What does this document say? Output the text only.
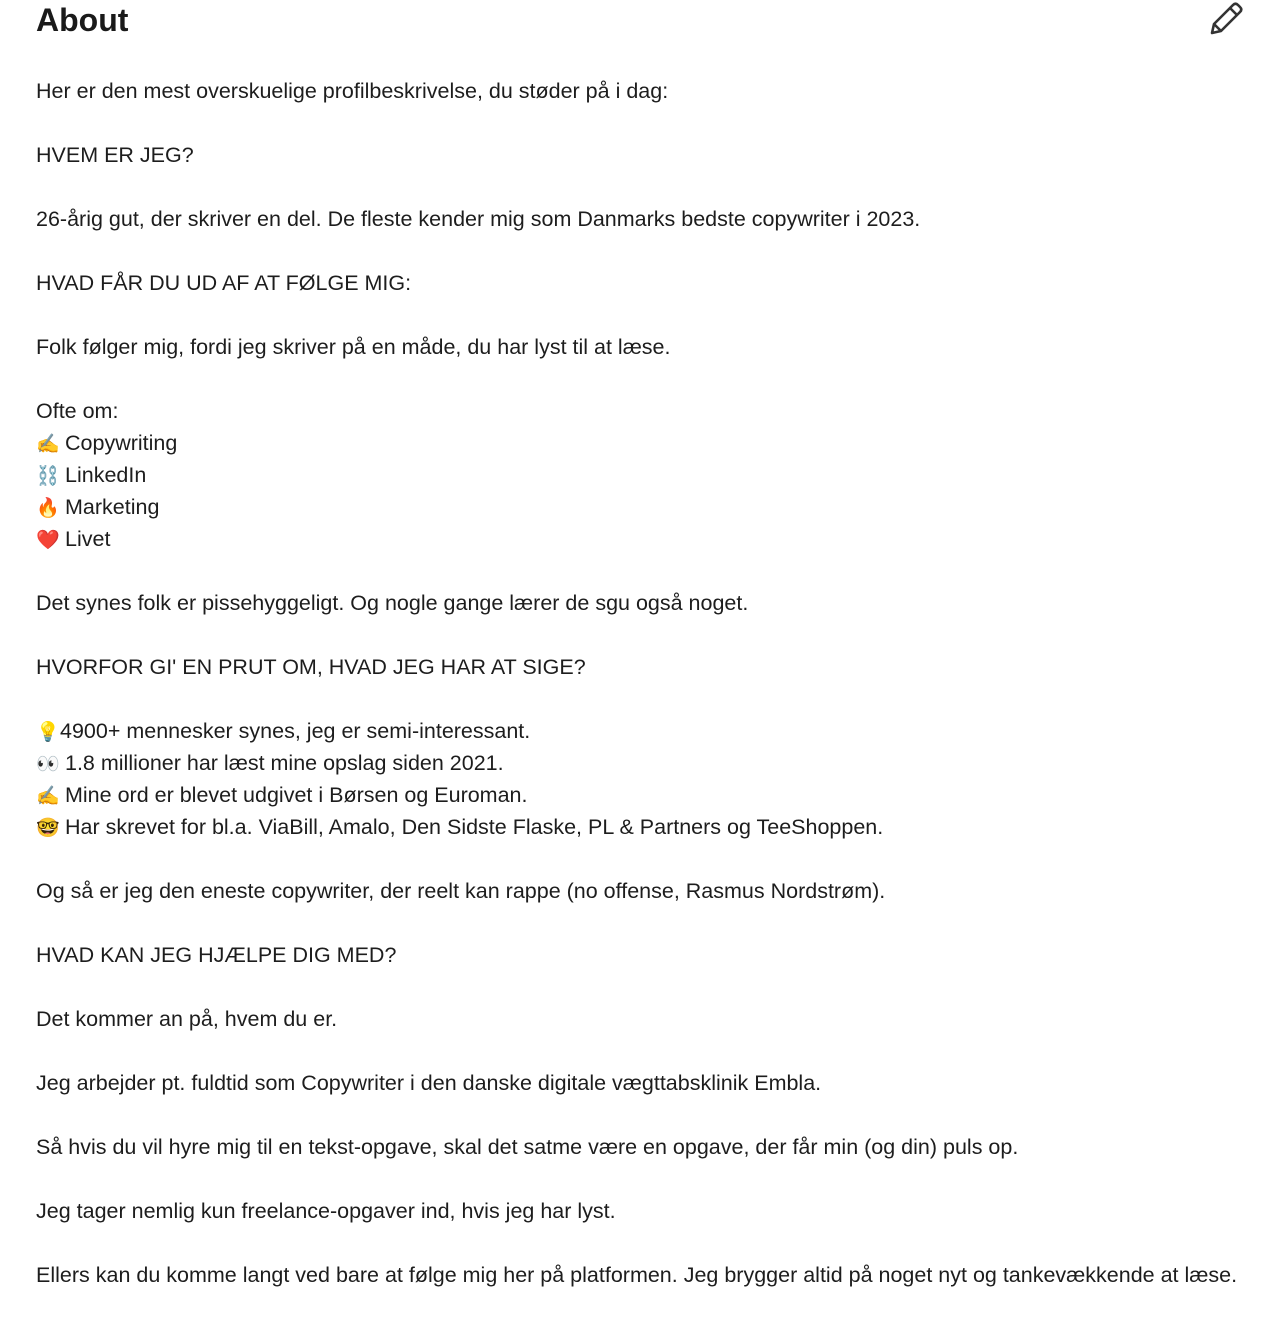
About
Her er den mest overskuelige profilbeskrivelse, du støder på i dag:
HVEM ER JEG?
26-årig gut, der skriver en del. De fleste kender mig som Danmarks bedste copywriter i 2023.
HVAD FÅR DU UD AF AT FØLGE MIG:
Folk følger mig, fordi jeg skriver på en måde, du har lyst til at læse.
Ofte om:
✍️ Copywriting
⛓️ LinkedIn
🔥 Marketing
❤️ Livet
Det synes folk er pissehyggeligt. Og nogle gange lærer de sgu også noget.
HVORFOR GI' EN PRUT OM, HVAD JEG HAR AT SIGE?
💡4900+ mennesker synes, jeg er semi-interessant.
👀 1.8 millioner har læst mine opslag siden 2021.
✍️ Mine ord er blevet udgivet i Børsen og Euroman.
🤓 Har skrevet for bl.a. ViaBill, Amalo, Den Sidste Flaske, PL & Partners og TeeShoppen.
Og så er jeg den eneste copywriter, der reelt kan rappe (no offense, Rasmus Nordstrøm).
HVAD KAN JEG HJÆLPE DIG MED?
Det kommer an på, hvem du er.
Jeg arbejder pt. fuldtid som Copywriter i den danske digitale vægttabsklinik Embla.
Så hvis du vil hyre mig til en tekst-opgave, skal det satme være en opgave, der får min (og din) puls op.
Jeg tager nemlig kun freelance-opgaver ind, hvis jeg har lyst.
Ellers kan du komme langt ved bare at følge mig her på platformen. Jeg brygger altid på noget nyt og tankevækkende at læse.
